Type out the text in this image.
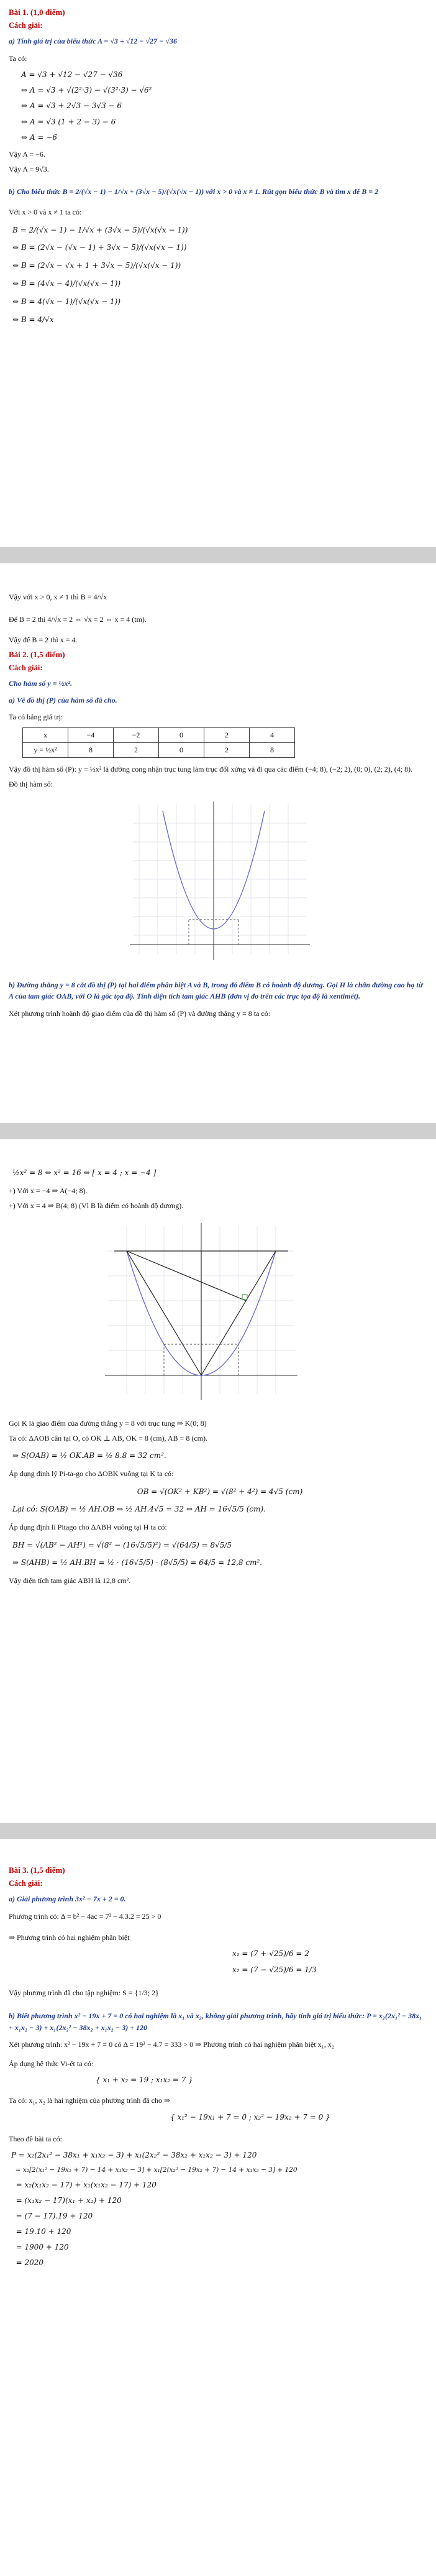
Bài 1. (1,0 điểm)
Cách giải:
a) Tính giá trị của biểu thức A = √3 + √12 − √27 − √36
Ta có:
A = √3 + √12 − √27 − √36
⇔ A = √3 + √(2²·3) − √(3²·3) − √6²
⇔ A = √3 + 2√3 − 3√3 − 6
⇔ A = √3 (1 + 2 − 3) − 6
⇔ A = −6
Vậy A = −6.
Vậy A = 9√3.
b) Cho biểu thức B = 2/(√x − 1) − 1/√x + (3√x − 5)/(√x(√x − 1)) với x > 0 và x ≠ 1. Rút gọn biểu thức B và tìm x để B = 2
Với x > 0 và x ≠ 1 ta có:
B = 2/(√x − 1) − 1/√x + (3√x − 5)/(√x(√x − 1))
⇔ B = (2√x − (√x − 1) + 3√x − 5)/(√x(√x − 1))
⇔ B = (2√x − √x + 1 + 3√x − 5)/(√x(√x − 1))
⇔ B = (4√x − 4)/(√x(√x − 1))
⇔ B = 4(√x − 1)/(√x(√x − 1))
⇔ B = 4/√x
Vậy với x > 0, x ≠ 1 thì B = 4/√x
Để B = 2 thì 4/√x = 2 ⇔ √x = 2 ⇔ x = 4 (tm).
Vậy để B = 2 thì x = 4.
Bài 2. (1,5 điểm)
Cách giải:
Cho hàm số y = ½x².
a) Vẽ đồ thị (P) của hàm số đã cho.
Ta có bảng giá trị:
x	−4	−2	0	2	4
y = ½x²	8	2	0	2	8
Vậy đồ thị hàm số (P): y = ½x² là đường cong nhận trục tung làm trục đối xứng và đi qua các điểm (−4; 8), (−2; 2), (0; 0), (2; 2), (4; 8).
Đồ thị hàm số:
b) Đường thẳng y = 8 cắt đồ thị (P) tại hai điểm phân biệt A và B, trong đó điểm B có hoành độ dương. Gọi H là chân đường cao hạ từ A của tam giác OAB, với O là gốc tọa độ. Tính diện tích tam giác AHB (đơn vị đo trên các trục tọa độ là xentimét).
Xét phương trình hoành độ giao điểm của đồ thị hàm số (P) và đường thẳng y = 8 ta có:
½x² = 8 ⇔ x² = 16 ⇔ [ x = 4 ; x = −4 ]
+) Với x = −4 ⇒ A(−4; 8).
+) Với x = 4 ⇒ B(4; 8) (Vì B là điểm có hoành độ dương).
Gọi K là giao điểm của đường thẳng y = 8 với trục tung ⇒ K(0; 8)
Ta có: ΔAOB cân tại O, có OK ⊥ AB, OK = 8 (cm), AB = 8 (cm).
⇒ S(OAB) = ½ OK.AB = ½ 8.8 = 32 cm².
Áp dụng định lý Pi-ta-go cho ΔOBK vuông tại K ta có:
OB = √(OK² + KB²) = √(8² + 4²) = 4√5 (cm)
Lại có: S(OAB) = ½ AH.OB ⇔ ½ AH.4√5 = 32 ⇔ AH = 16√5/5 (cm).
Áp dụng định lí Pitago cho ΔABH vuông tại H ta có:
BH = √(AB² − AH²) = √(8² − (16√5/5)²) = √(64/5) = 8√5/5
⇒ S(AHB) = ½ AH.BH = ½ · (16√5/5) · (8√5/5) = 64/5 = 12,8 cm².
Vậy diện tích tam giác ABH là 12,8 cm².
Bài 3. (1,5 điểm)
Cách giải:
a) Giải phương trình 3x² − 7x + 2 = 0.
Phương trình có: Δ = b² − 4ac = 7² − 4.3.2 = 25 > 0
⇒ Phương trình có hai nghiệm phân biệt
x₁ = (7 + √25)/6 = 2
x₂ = (7 − √25)/6 = 1/3
Vậy phương trình đã cho tập nghiệm: S = {1/3; 2}
b) Biết phương trình x² − 19x + 7 = 0 có hai nghiệm là x₁ và x₂, không giải phương trình, hãy tính giá trị biểu thức: P = x₂(2x₁² − 38x₁ + x₁x₂ − 3) + x₁(2x₂² − 38x₂ + x₁x₂ − 3) + 120
Xét phương trình: x² − 19x + 7 = 0 có Δ = 19² − 4.7 = 333 > 0 ⇒ Phương trình có hai nghiệm phân biệt x₁, x₂
Áp dụng hệ thức Vi-ét ta có:
{ x₁ + x₂ = 19 ; x₁x₂ = 7 }
Ta có: x₁, x₂ là hai nghiệm của phương trình đã cho ⇒
{ x₁² − 19x₁ + 7 = 0 ; x₂² − 19x₂ + 7 = 0 }
Theo đề bài ta có:
P = x₂(2x₁² − 38x₁ + x₁x₂ − 3) + x₁(2x₂² − 38x₂ + x₁x₂ − 3) + 120
= x₂[2(x₁² − 19x₁ + 7) − 14 + x₁x₂ − 3] + x₁[2(x₂² − 19x₂ + 7) − 14 + x₁x₂ − 3] + 120
= x₂(x₁x₂ − 17) + x₁(x₁x₂ − 17) + 120
= (x₁x₂ − 17)(x₁ + x₂) + 120
= (7 − 17).19 + 120
= 19.10 + 120
= 1900 + 120
= 2020
